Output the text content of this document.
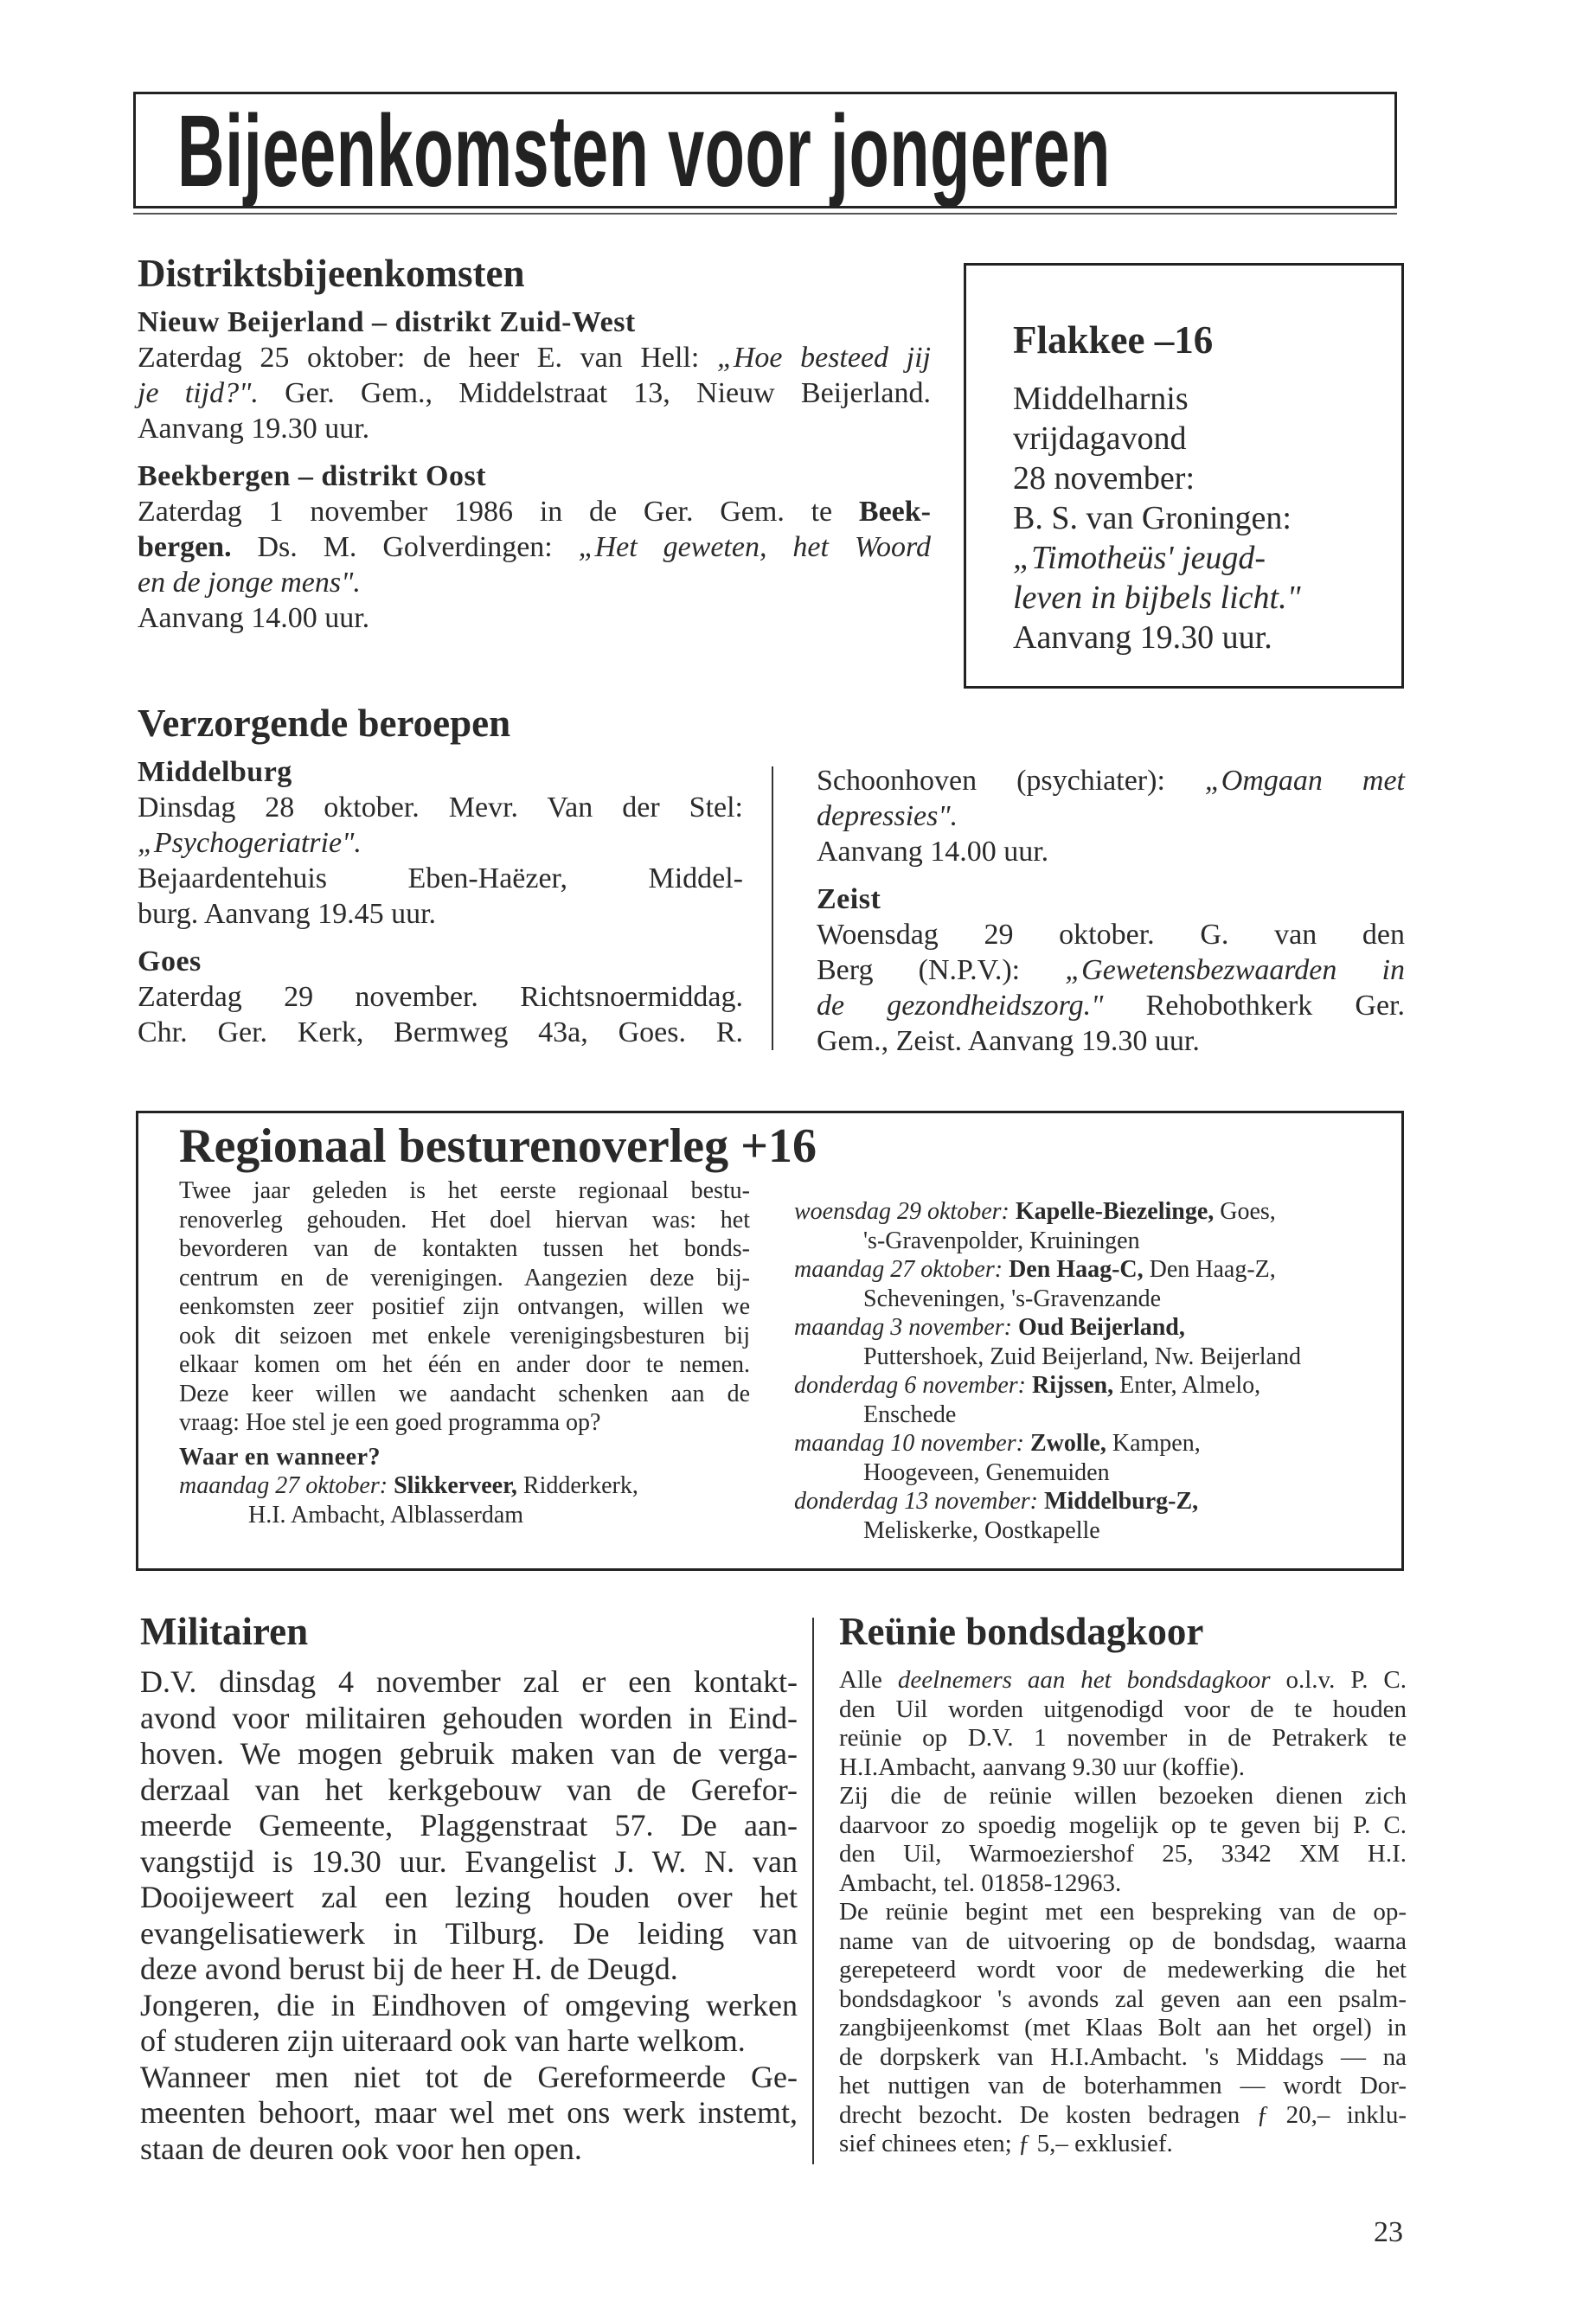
Bijeenkomsten voor jongeren
Distriktsbijeenkomsten
Nieuw Beijerland – distrikt Zuid-West
Zaterdag 25 oktober: de heer E. van Hell: „Hoe besteed jij
je tijd?". Ger. Gem., Middelstraat 13, Nieuw Beijerland.
Aanvang 19.30 uur.
Beekbergen – distrikt Oost
Zaterdag 1 november 1986 in de Ger. Gem. te Beek-
bergen. Ds. M. Golverdingen: „Het geweten, het Woord
en de jonge mens".
Aanvang 14.00 uur.
Flakkee –16
Middelharnis
vrijdagavond
28 november:
B. S. van Groningen:
„Timotheüs' jeugd-
leven in bijbels licht."
Aanvang 19.30 uur.
Verzorgende beroepen
Middelburg
Dinsdag 28 oktober. Mevr. Van der Stel:
„Psychogeriatrie".
Bejaardentehuis Eben-Haëzer, Middel-
burg. Aanvang 19.45 uur.
Goes
Zaterdag 29 november. Richtsnoermiddag.
Chr. Ger. Kerk, Bermweg 43a, Goes. R.
Schoonhoven (psychiater): „Omgaan met
depressies".
Aanvang 14.00 uur.
Zeist
Woensdag 29 oktober. G. van den
Berg (N.P.V.): „Gewetensbezwaarden in
de gezondheidszorg." Rehobothkerk Ger.
Gem., Zeist. Aanvang 19.30 uur.
Regionaal besturenoverleg +16
Twee jaar geleden is het eerste regionaal bestu-
renoverleg gehouden. Het doel hiervan was: het
bevorderen van de kontakten tussen het bonds-
centrum en de verenigingen. Aangezien deze bij-
eenkomsten zeer positief zijn ontvangen, willen we
ook dit seizoen met enkele verenigingsbesturen bij
elkaar komen om het één en ander door te nemen.
Deze keer willen we aandacht schenken aan de
vraag: Hoe stel je een goed programma op?
Waar en wanneer?
maandag 27 oktober: Slikkerveer, Ridderkerk,
H.I. Ambacht, Alblasserdam
woensdag 29 oktober: Kapelle-Biezelinge, Goes,
's-Gravenpolder, Kruiningen
maandag 27 oktober: Den Haag-C, Den Haag-Z,
Scheveningen, 's-Gravenzande
maandag 3 november: Oud Beijerland,
Puttershoek, Zuid Beijerland, Nw. Beijerland
donderdag 6 november: Rijssen, Enter, Almelo,
Enschede
maandag 10 november: Zwolle, Kampen,
Hoogeveen, Genemuiden
donderdag 13 november: Middelburg-Z,
Meliskerke, Oostkapelle
Militairen
D.V. dinsdag 4 november zal er een kontakt-
avond voor militairen gehouden worden in Eind-
hoven. We mogen gebruik maken van de verga-
derzaal van het kerkgebouw van de Gerefor-
meerde Gemeente, Plaggenstraat 57. De aan-
vangstijd is 19.30 uur. Evangelist J. W. N. van
Dooijeweert zal een lezing houden over het
evangelisatiewerk in Tilburg. De leiding van
deze avond berust bij de heer H. de Deugd.
Jongeren, die in Eindhoven of omgeving werken
of studeren zijn uiteraard ook van harte welkom.
Wanneer men niet tot de Gereformeerde Ge-
meenten behoort, maar wel met ons werk instemt,
staan de deuren ook voor hen open.
Reünie bondsdagkoor
Alle deelnemers aan het bondsdagkoor o.l.v. P. C.
den Uil worden uitgenodigd voor de te houden
reünie op D.V. 1 november in de Petrakerk te
H.I.Ambacht, aanvang 9.30 uur (koffie).
Zij die de reünie willen bezoeken dienen zich
daarvoor zo spoedig mogelijk op te geven bij P. C.
den Uil, Warmoeziershof 25, 3342 XM H.I.
Ambacht, tel. 01858-12963.
De reünie begint met een bespreking van de op-
name van de uitvoering op de bondsdag, waarna
gerepeteerd wordt voor de medewerking die het
bondsdagkoor 's avonds zal geven aan een psalm-
zangbijeenkomst (met Klaas Bolt aan het orgel) in
de dorpskerk van H.I.Ambacht. 's Middags — na
het nuttigen van de boterhammen — wordt Dor-
drecht bezocht. De kosten bedragen ƒ 20,– inklu-
sief chinees eten; ƒ 5,– exklusief.
23
